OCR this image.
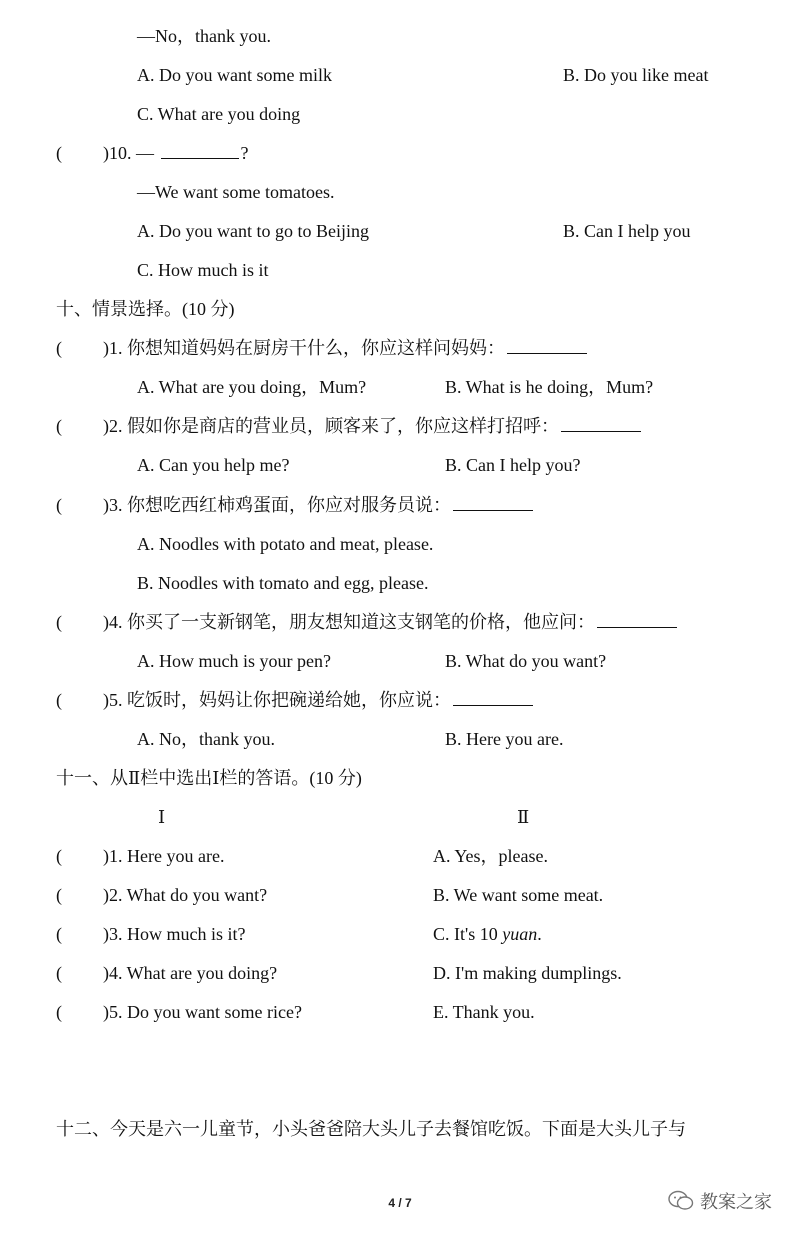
—No，thank you.
A. Do you want some milk	B. Do you like meat
C. What are you doing
( )10. —	?
—We want some tomatoes.
A. Do you want to go to Beijing	B. Can I help you
C. How much is it
十、情景选择。(10 分)
( )1. 你想知道妈妈在厨房干什么，你应这样问妈妈：
A. What are you doing，Mum?	B. What is he doing，Mum?
( )2. 假如你是商店的营业员，顾客来了，你应这样打招呼：
A. Can you help me?	B. Can I help you?
( )3. 你想吃西红柿鸡蛋面，你应对服务员说：
A. Noodles with potato and meat, please.
B. Noodles with tomato and egg, please.
( )4. 你买了一支新钢笔，朋友想知道这支钢笔的价格，他应问：
A. How much is your pen?	B. What do you want?
( )5. 吃饭时，妈妈让你把碗递给她，你应说：
A. No，thank you.	B. Here you are.
十一、从Ⅱ栏中选出Ⅰ栏的答语。(10 分)
Ⅰ	Ⅱ
( )1. Here you are.	A. Yes，please.
( )2. What do you want?	B. We want some meat.
( )3. How much is it?	C. It's 10 yuan.
( )4. What are you doing?	D. I'm making dumplings.
( )5. Do you want some rice?	E. Thank you.
十二、今天是六一儿童节，小头爸爸陪大头儿子去餐馆吃饭。下面是大头儿子与
4 / 7	教案之家
